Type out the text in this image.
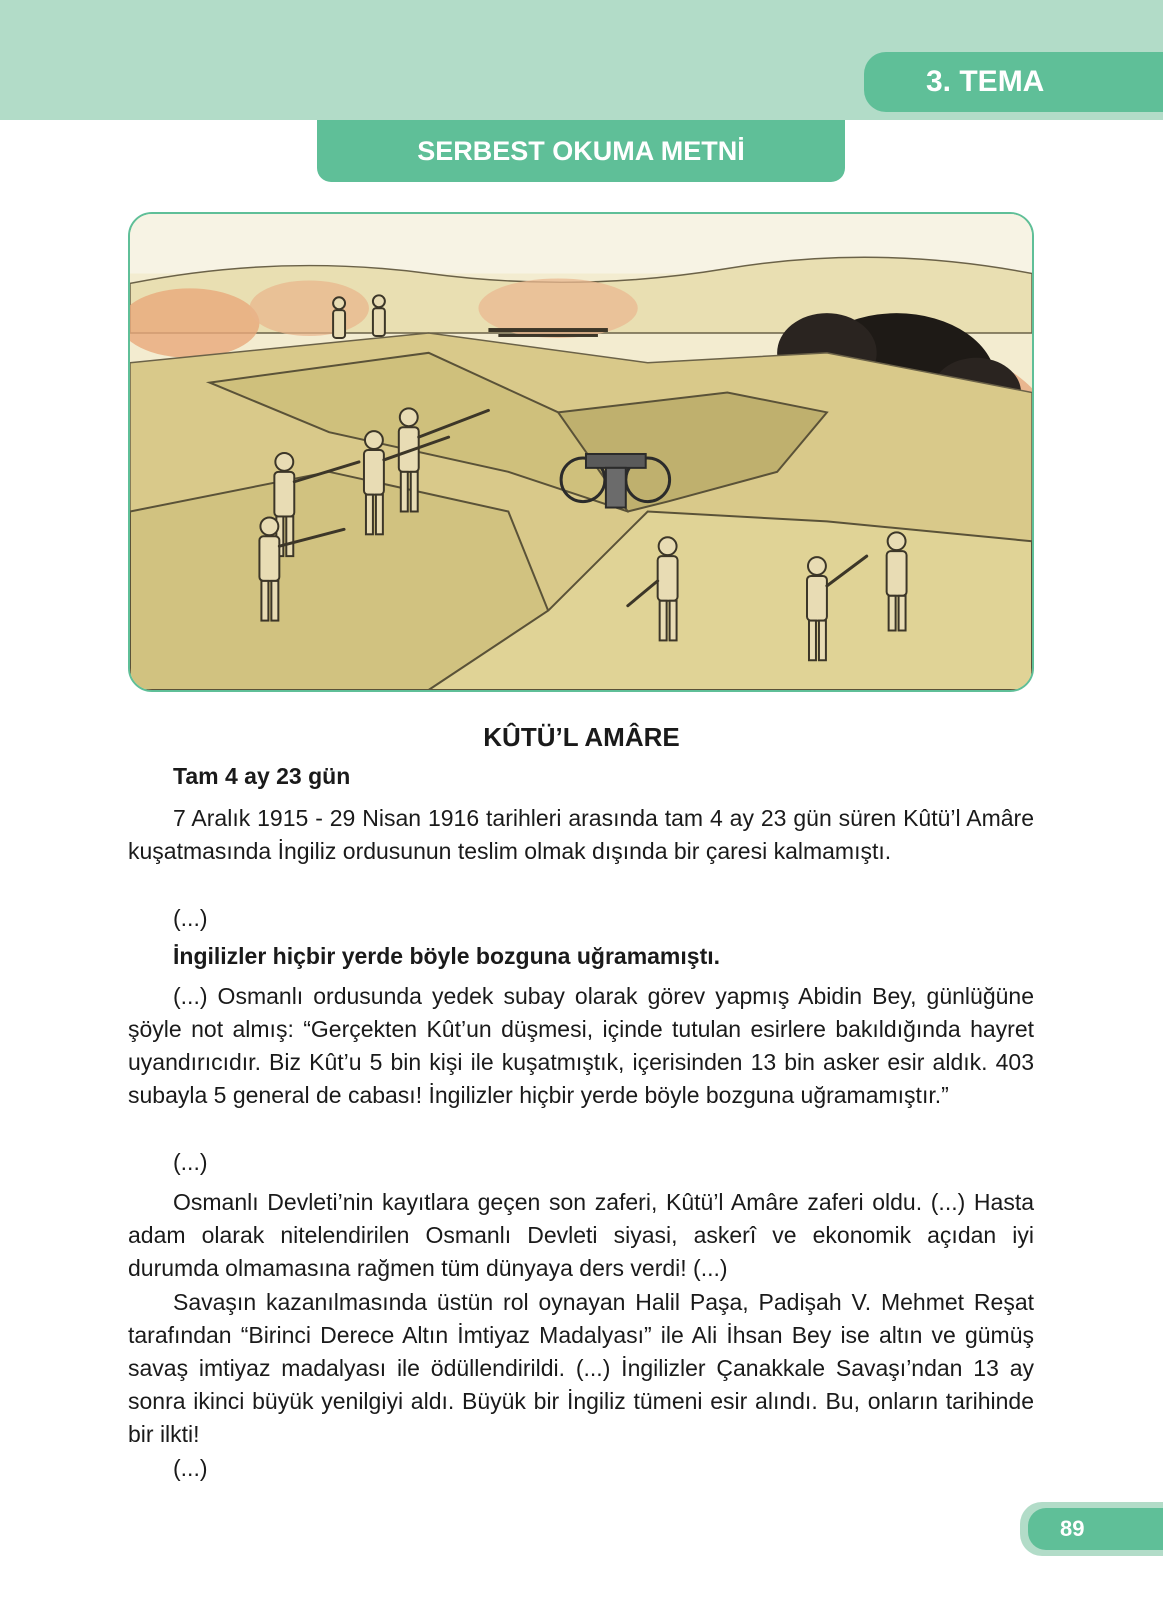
3. TEMA
SERBEST OKUMA METNİ
KÛTÜ’L AMÂRE
Tam 4 ay 23 gün

7 Aralık 1915 - 29 Nisan 1916 tarihleri arasında tam 4 ay 23 gün süren Kûtü’l Amâre kuşatmasında İngiliz ordusunun teslim olmak dışında bir çaresi kalmamıştı.

(...)
İngilizler hiçbir yerde böyle bozguna uğramamıştı.

(...) Osmanlı ordusunda yedek subay olarak görev yapmış Abidin Bey, günlüğüne şöyle not almış: “Gerçekten Kût’un düşmesi, içinde tutulan esirlere bakıldığında hayret uyandırıcıdır. Biz Kût’u 5 bin kişi ile kuşatmıştık, içerisinden 13 bin asker esir aldık. 403 subayla 5 general de cabası! İngilizler hiçbir yerde böyle bozguna uğramamıştır.”

(...)

Osmanlı Devleti’nin kayıtlara geçen son zaferi, Kûtü’l Amâre zaferi oldu. (...) Hasta adam olarak nitelendirilen Osmanlı Devleti siyasi, askerî ve ekonomik açıdan iyi durumda olmamasına rağmen tüm dünyaya ders verdi! (...)

Savaşın kazanılmasında üstün rol oynayan Halil Paşa, Padişah V. Mehmet Reşat tarafından “Birinci Derece Altın İmtiyaz Madalyası” ile Ali İhsan Bey ise altın ve gümüş savaş imtiyaz madalyası ile ödüllendirildi. (...) İngilizler Çanakkale Savaşı’ndan 13 ay sonra ikinci büyük yenilgiyi aldı. Büyük bir İngiliz tümeni esir alındı. Bu, onların tarihinde bir ilkti!

(...)
89
